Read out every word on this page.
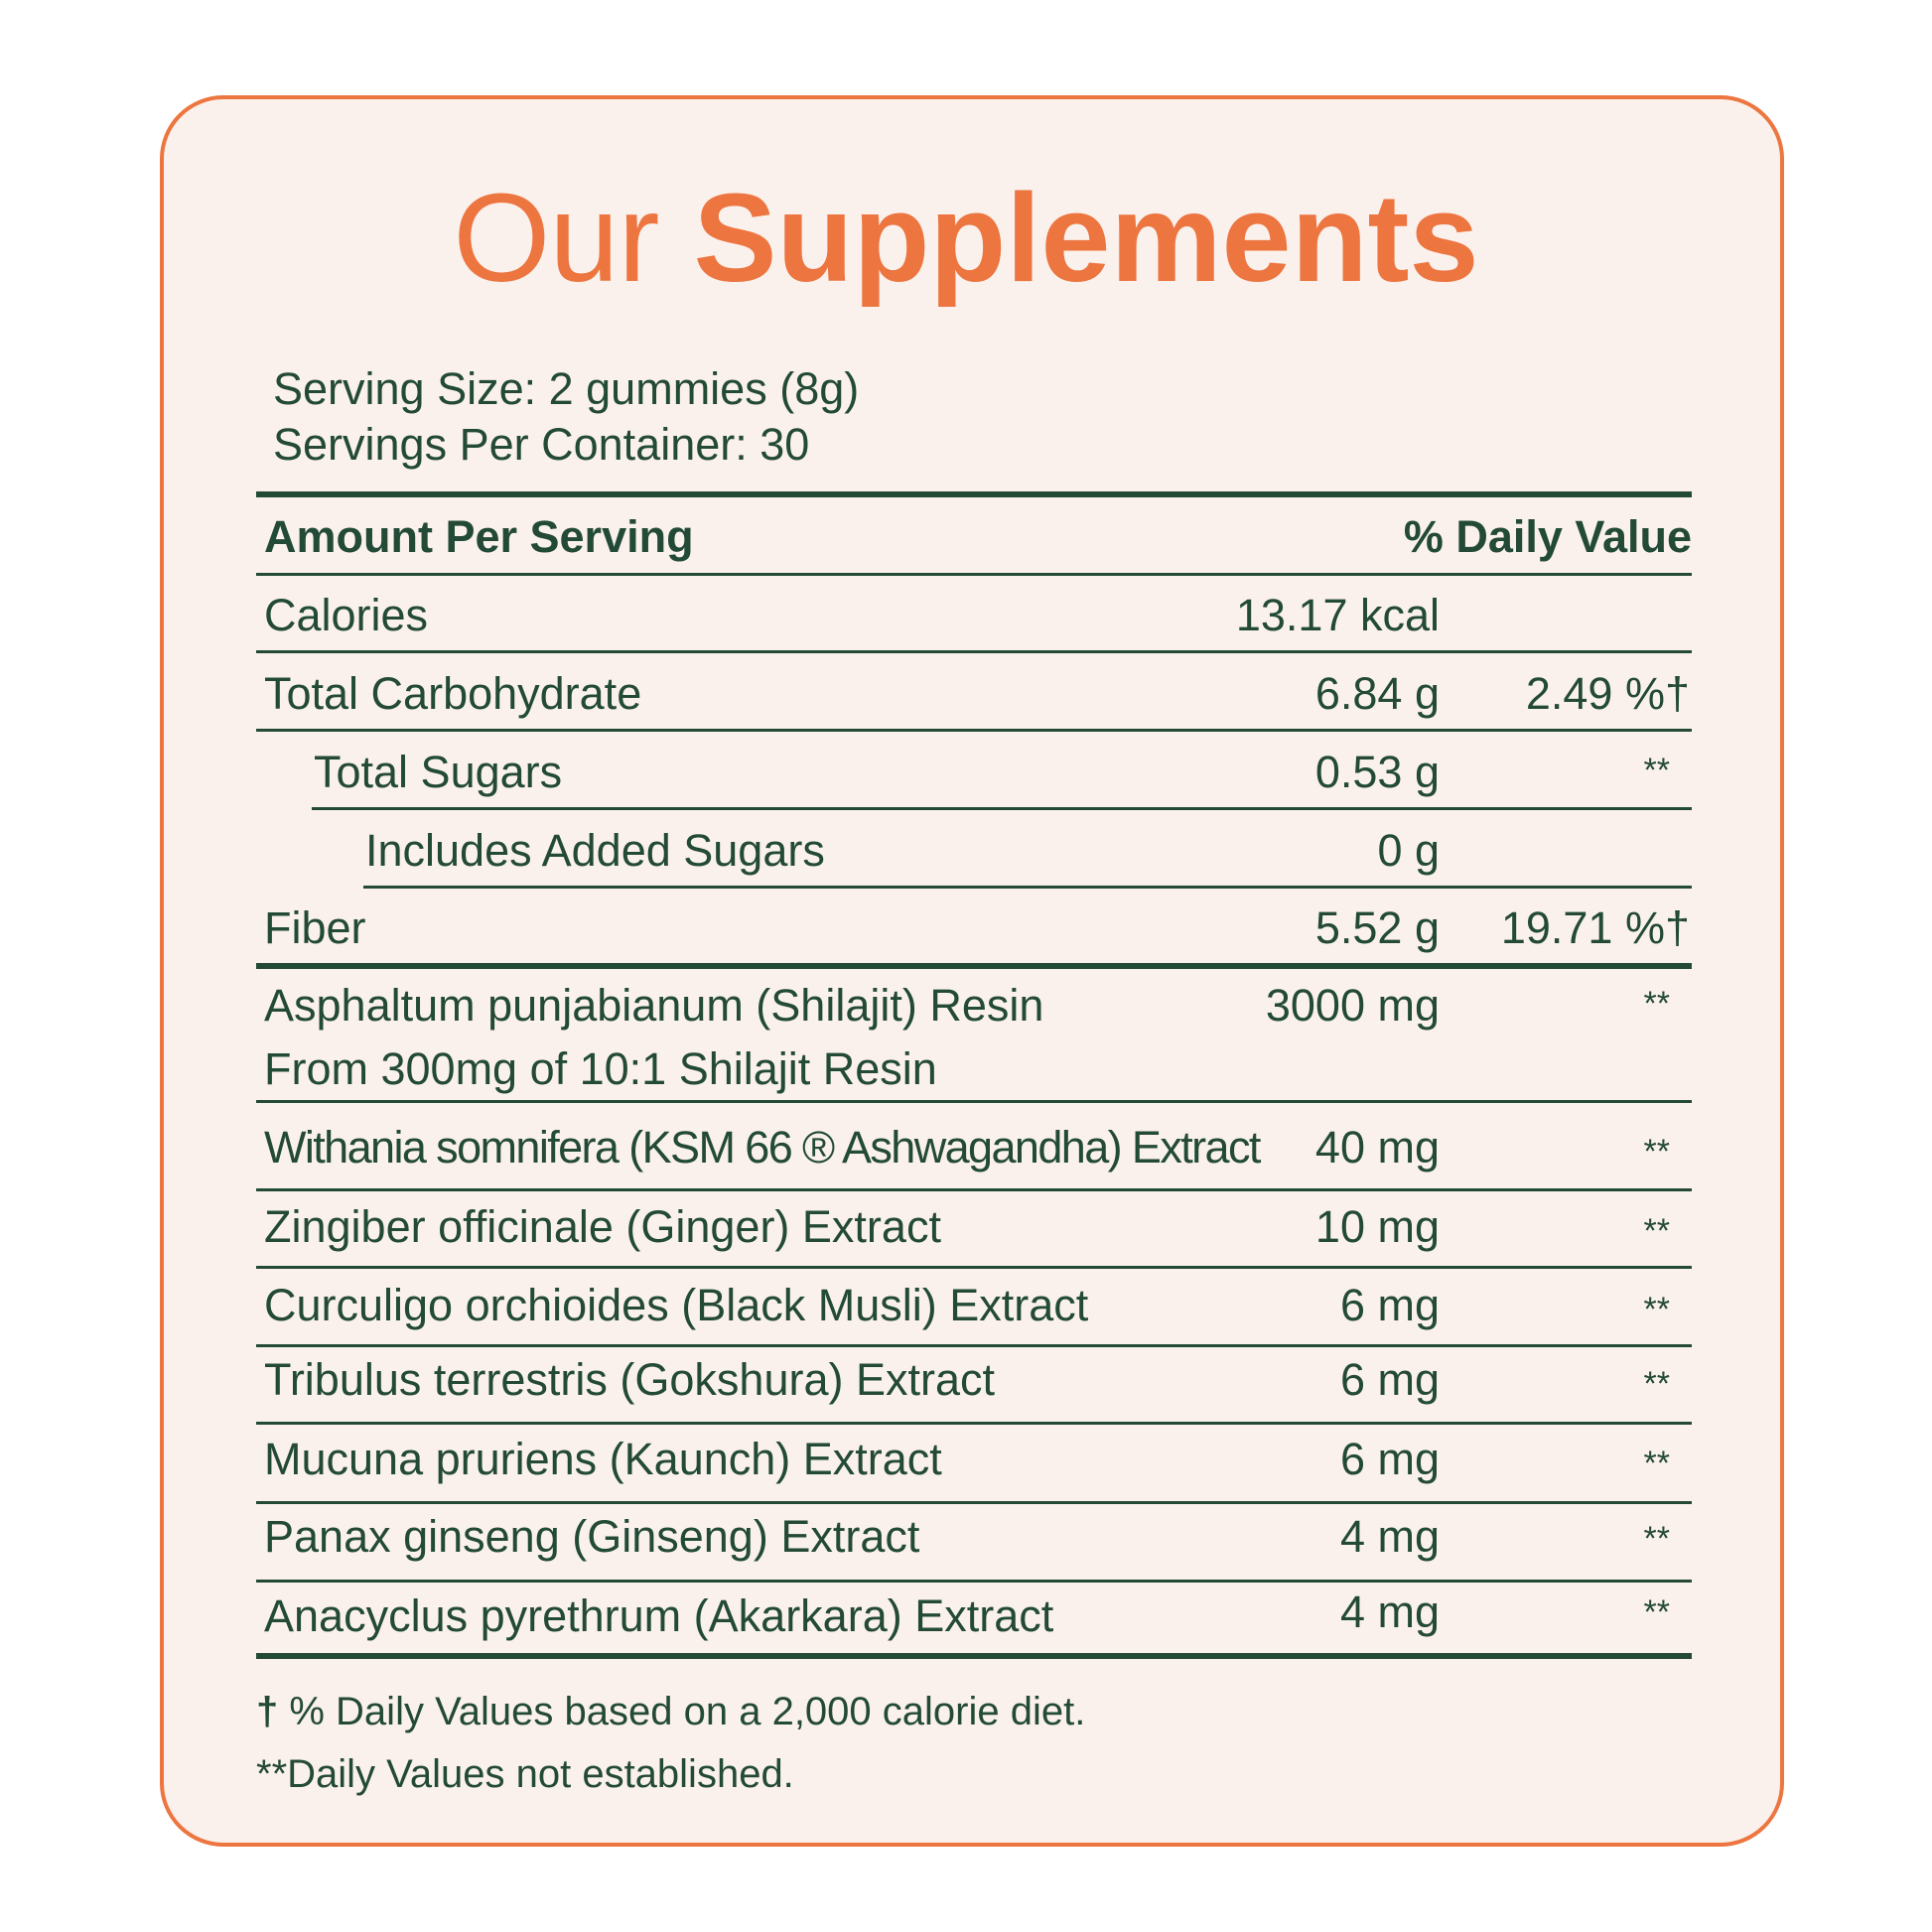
Our Supplements
Serving Size: 2 gummies (8g)
Servings Per Container: 30
Amount Per Serving	% Daily Value
Calories	13.17 kcal
Total Carbohydrate	6.84 g	2.49 %†
Total Sugars	0.53 g	**
Includes Added Sugars	0 g
Fiber	5.52 g	19.71 %†
Asphaltum punjabianum (Shilajit) Resin
From 300mg of 10:1 Shilajit Resin
3000 mg	**
Withania somnifera (KSM 66 ® Ashwagandha) Extract	40 mg	**
Zingiber officinale (Ginger) Extract	10 mg	**
Curculigo orchioides (Black Musli) Extract	6 mg	**
Tribulus terrestris (Gokshura) Extract	6 mg	**
Mucuna pruriens (Kaunch) Extract	6 mg	**
Panax ginseng (Ginseng) Extract	4 mg	**
Anacyclus pyrethrum (Akarkara) Extract	4 mg	**
† % Daily Values based on a 2,000 calorie diet.
**Daily Values not established.
